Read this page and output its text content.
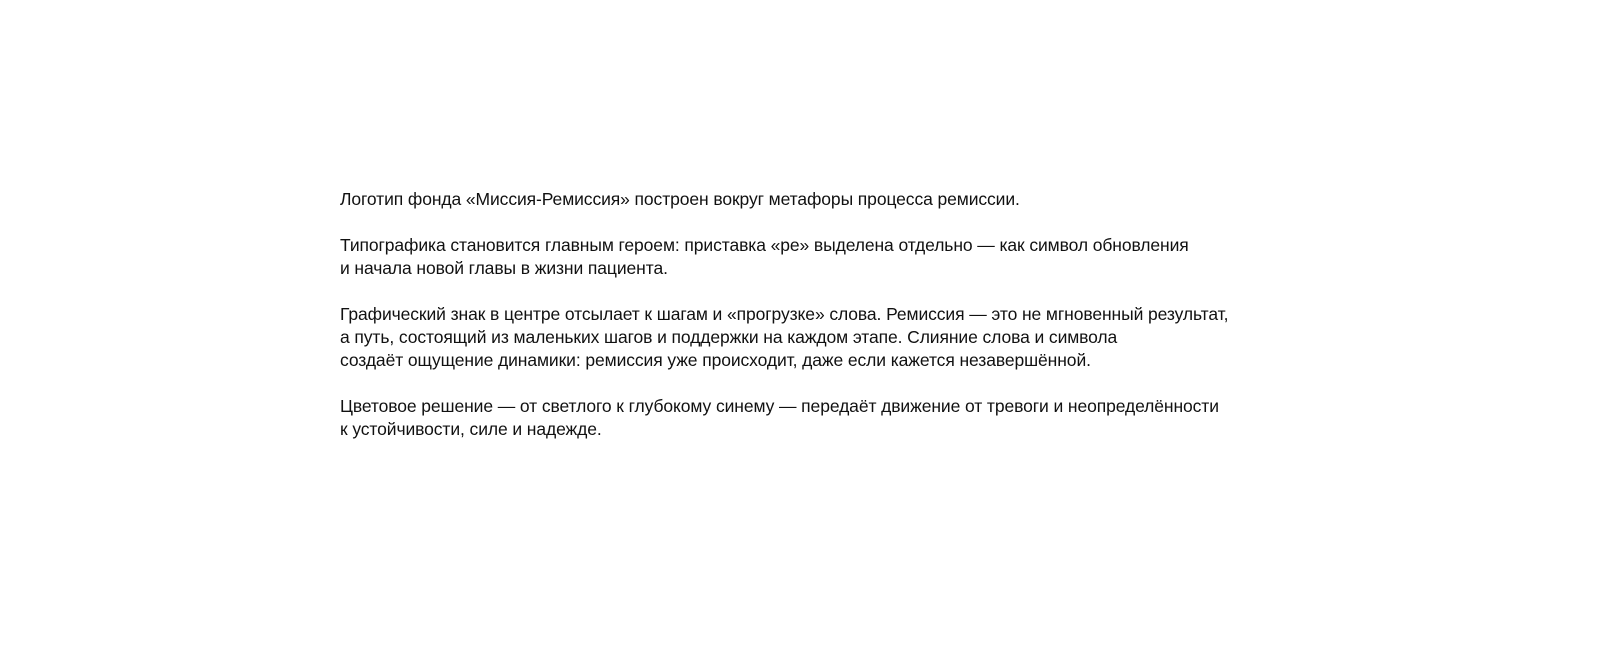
Логотип фонда «Миссия-Ремиссия» построен вокруг метафоры процесса ремиссии.

Типографика становится главным героем: приставка «ре» выделена отдельно — как символ обновления
и начала новой главы в жизни пациента.

Графический знак в центре отсылает к шагам и «прогрузке» слова. Ремиссия — это не мгновенный результат,
а путь, состоящий из маленьких шагов и поддержки на каждом этапе. Слияние слова и символа
создаёт ощущение динамики: ремиссия уже происходит, даже если кажется незавершённой.

Цветовое решение — от светлого к глубокому синему — передаёт движение от тревоги и неопределённости
к устойчивости, силе и надежде.
